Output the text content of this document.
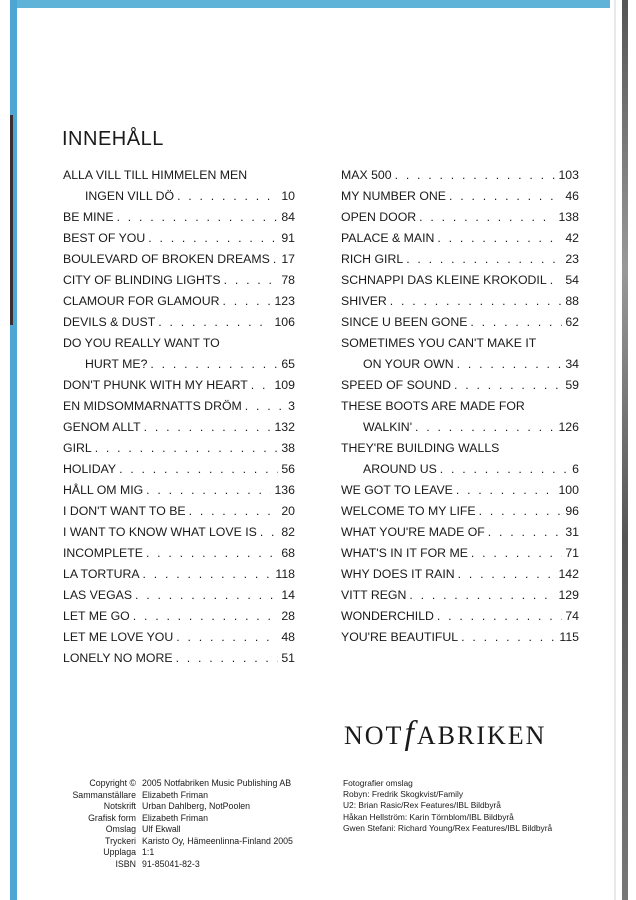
INNEHÅLL
ALLA VILL TILL HIMMELEN MEN
INGEN VILL DÖ . . .	10
BE MINE . . .	84
BEST OF YOU . . .	91
BOULEVARD OF BROKEN DREAMS . . . 17
CITY OF BLINDING LIGHTS . . .	78
CLAMOUR FOR GLAMOUR . . .	123
DEVILS & DUST . . .	106
DO YOU REALLY WANT TO
HURT ME? . . .	65
DON'T PHUNK WITH MY HEART . . . 109
EN MIDSOMMARNATTS DRÖM . . .	3
GENOM ALLT . . .	132
GIRL . . .	38
HOLIDAY . . .	56
HÅLL OM MIG . . .	136
I DON'T WANT TO BE . . .	20
I WANT TO KNOW WHAT LOVE IS . . . 82
INCOMPLETE . . .	68
LA TORTURA . . .	118
LAS VEGAS . . .	14
LET ME GO . . .	28
LET ME LOVE YOU . . .	48
LONELY NO MORE . . .	51
MAX 500 . . .	103
MY NUMBER ONE . . .	46
OPEN DOOR . . .	138
PALACE & MAIN . . .	42
RICH GIRL . . .	23
SCHNAPPI DAS KLEINE KROKODIL . . . 54
SHIVER . . .	88
SINCE U BEEN GONE . . .	62
SOMETIMES YOU CAN'T MAKE IT
ON YOUR OWN . . .	34
SPEED OF SOUND . . .	59
THESE BOOTS ARE MADE FOR
WALKIN' . . .	126
THEY'RE BUILDING WALLS
AROUND US . . .	6
WE GOT TO LEAVE . . .	100
WELCOME TO MY LIFE . . .	96
WHAT YOU'RE MADE OF . . .	31
WHAT'S IN IT FOR ME . . .	71
WHY DOES IT RAIN . . .	142
VITT REGN . . .	129
WONDERCHILD . . .	74
YOU'RE BEAUTIFUL . . .	115
NOTfABRIKEN
Copyright © 2005 Notfabriken Music Publishing AB
Sammanställare Elizabeth Friman
Notskrift Urban Dahlberg, NotPoolen
Grafisk form Elizabeth Friman
Omslag Ulf Ekwall
Tryckeri Karisto Oy, Hämeenlinna-Finland 2005
Upplaga 1:1
ISBN 91-85041-82-3
Fotografier omslag
Robyn: Fredrik Skogkvist/Family
U2: Brian Rasic/Rex Features/IBL Bildbyrå
Håkan Hellström: Karin Törnblom/IBL Bildbyrå
Gwen Stefani: Richard Young/Rex Features/IBL Bildbyrå
